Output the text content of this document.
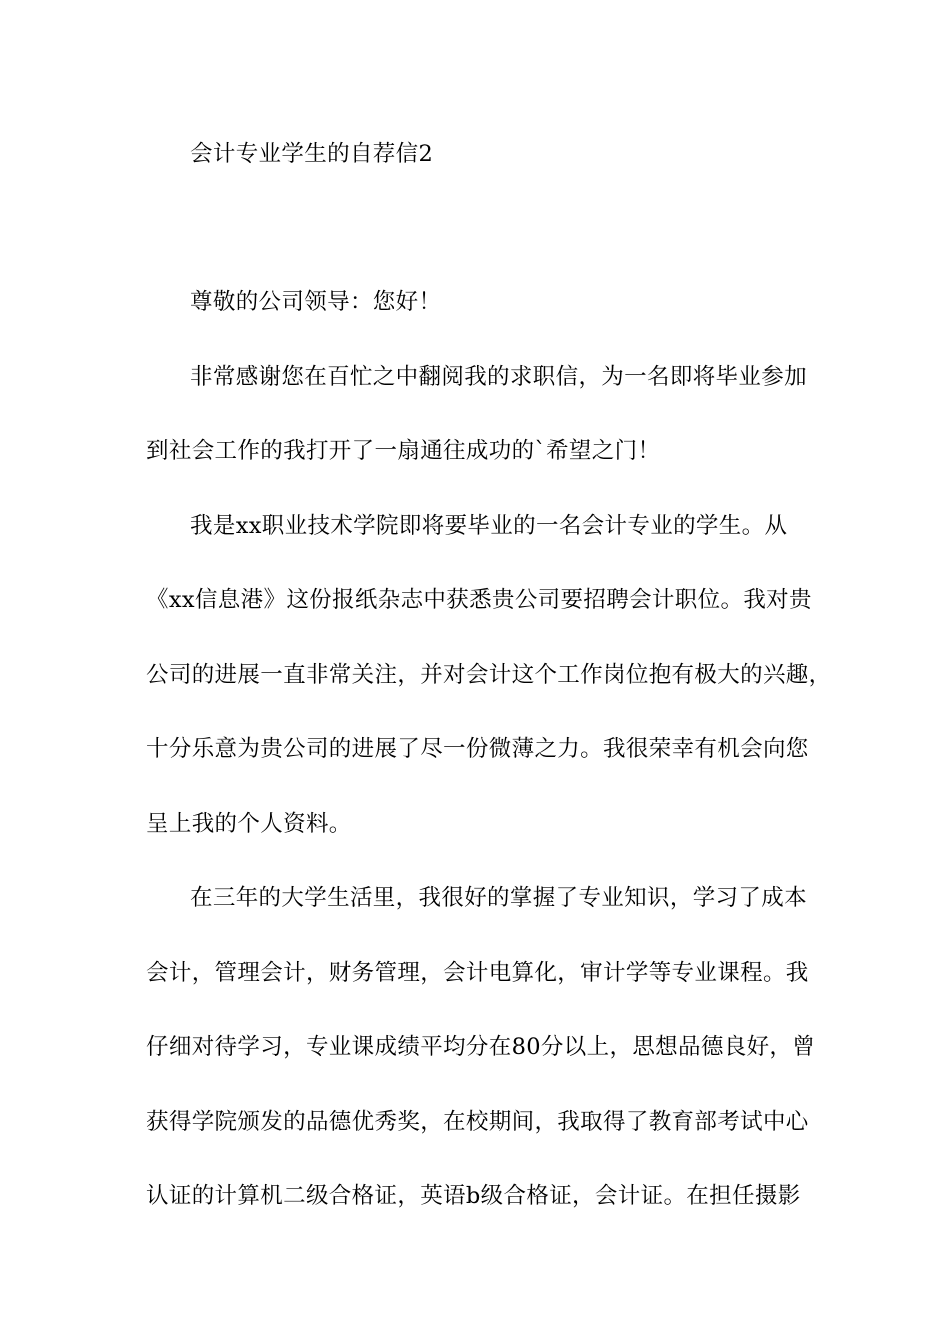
会计专业学生的自荐信2
尊敬的公司领导：您好！
非常感谢您在百忙之中翻阅我的求职信，为一名即将毕业参加
到社会工作的我打开了一扇通往成功的`希望之门！
我是xx职业技术学院即将要毕业的一名会计专业的学生。从
《xx信息港》这份报纸杂志中获悉贵公司要招聘会计职位。我对贵
公司的进展一直非常关注，并对会计这个工作岗位抱有极大的兴趣，
十分乐意为贵公司的进展了尽一份微薄之力。我很荣幸有机会向您
呈上我的个人资料。
在三年的大学生活里，我很好的掌握了专业知识，学习了成本
会计，管理会计，财务管理，会计电算化，审计学等专业课程。我
仔细对待学习，专业课成绩平均分在80分以上，思想品德良好，曾
获得学院颁发的品德优秀奖，在校期间，我取得了教育部考试中心
认证的计算机二级合格证，英语b级合格证，会计证。在担任摄影
